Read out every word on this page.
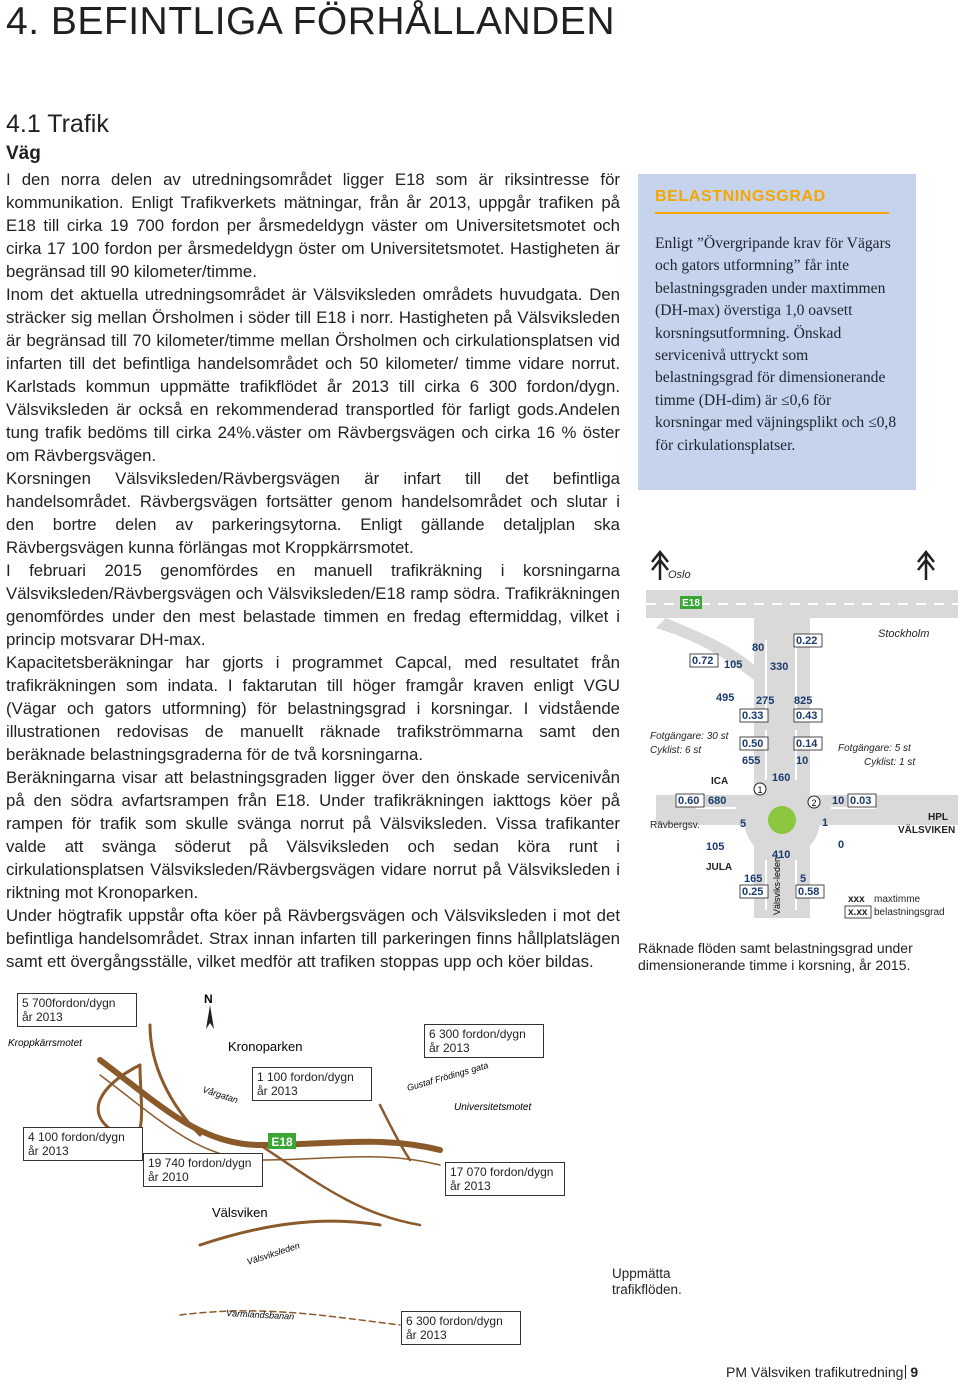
4. BEFINTLIGA FÖRHÅLLANDEN
4.1 Trafik
Väg

I den norra delen av utredningsområdet ligger E18 som är riksintresse för kommunikation. Enligt Trafikverkets mätningar, från år 2013, uppgår trafiken på E18 till cirka 19 700 fordon per årsmedeldygn väster om Universitetsmotet och cirka 17 100 fordon per årsmedeldygn öster om Universitetsmotet. Hastigheten är begränsad till 90 kilometer/timme.

Inom det aktuella utredningsområdet är Välsviksleden områdets huvudgata. Den sträcker sig mellan Örsholmen i söder till E18 i norr. Hastigheten på Välsviksleden är begränsad till 70 kilometer/timme mellan Örsholmen och cirkulationsplatsen vid infarten till det befintliga handelsområdet och 50 kilometer/ timme vidare norrut. Karlstads kommun uppmätte trafikflödet år 2013 till cirka 6 300 fordon/dygn. Välsviksleden är också en rekommenderad transportled för farligt gods.Andelen tung trafik bedöms till cirka 24%.väster om Rävbergsvägen och cirka 16 % öster om Rävbergsvägen.

Korsningen Välsviksleden/Rävbergsvägen är infart till det befintliga handelsområdet. Rävbergsvägen fortsätter genom handelsområdet och slutar i den bortre delen av parkeringsytorna. Enligt gällande detaljplan ska Rävbergsvägen kunna förlängas mot Kroppkärrsmotet.

I februari 2015 genomfördes en manuell trafikräkning i korsningarna Välsviksleden/Rävbergsvägen och Välsviksleden/E18 ramp södra. Trafikräkningen genomfördes under den mest belastade timmen en fredag eftermiddag, vilket i princip motsvarar DH-max.

Kapacitetsberäkningar har gjorts i programmet Capcal, med resultatet från trafikräkningen som indata. I faktarutan till höger framgår kraven enligt VGU (Vägar och gators utformning) för belastningsgrad i korsningar. I vidstående illustrationen redovisas de manuellt räknade trafikströmmarna samt den beräknade belastningsgraderna för de två korsningarna.

Beräkningarna visar att belastningsgraden ligger över den önskade servicenivån på den södra avfartsrampen från E18. Under trafikräkningen iakttogs köer på rampen för trafik som skulle svänga norrut på Välsviksleden. Vissa trafikanter valde att svänga söderut på Välsviksleden och sedan köra runt i cirkulationsplatsen Välsviksleden/Rävbergsvägen vidare norrut på Välsviksleden i riktning mot Kronoparken.

Under högtrafik uppstår ofta köer på Rävbergsvägen och Välsviksleden i mot det befintliga handelsområdet. Strax innan infarten till parkeringen finns hållplatslägen samt ett övergångsställe, vilket medför att trafiken stoppas upp och köer bildas.

BELASTNINGSGRAD
Enligt ”Övergripande krav för Vägars och gators utformning” får inte belastningsgraden under maxtimmen (DH-max) överstiga 1,0 oavsett korsningsutformning. Önskad servicenivå uttryckt som belastningsgrad för dimensionerande timme (DH-dim) är ≤0,6 för korsningar med väjningsplikt och ≤0,8 för cirkulationsplatser.
1
2
E18
Oslo
Stockholm
Fotgängare: 30 st
Cyklist: 6 st	Fotgängare: 5 st
Cyklist: 1 st
ICA
Rävbergsv.
JULA
HPL
VÄLSVIKEN
Välsviks-leden
80
105	330
495 275 825
655	10
160
680
5
10
1
0
105
410
165	5
0.22
0.72
0.33	0.43
0.50	0.14
0.60	0.03
0.25	0.58
xxx maxtimme
x.xx belastningsgrad
Räknade flöden samt belastningsgrad under dimensionerande timme i korsning, år 2015.
N
E18
Kroppkärrsmotet	Kronoparken
Vårgatan
Gustaf Frödings gata
Universitetsmotet
Välsviken
Välsviksleden
Värmlandsbanan
5 700fordon/dygn
år 2013
1 100 fordon/dygn
år 2013
6 300 fordon/dygn
år 2013
4 100 fordon/dygn
år 2013
19 740 fordon/dygn
år 2010	17 070 fordon/dygn
år 2013
6 300 fordon/dygn
år 2013
Uppmätta
trafikflöden.
PM Välsviken trafikutredning 9
